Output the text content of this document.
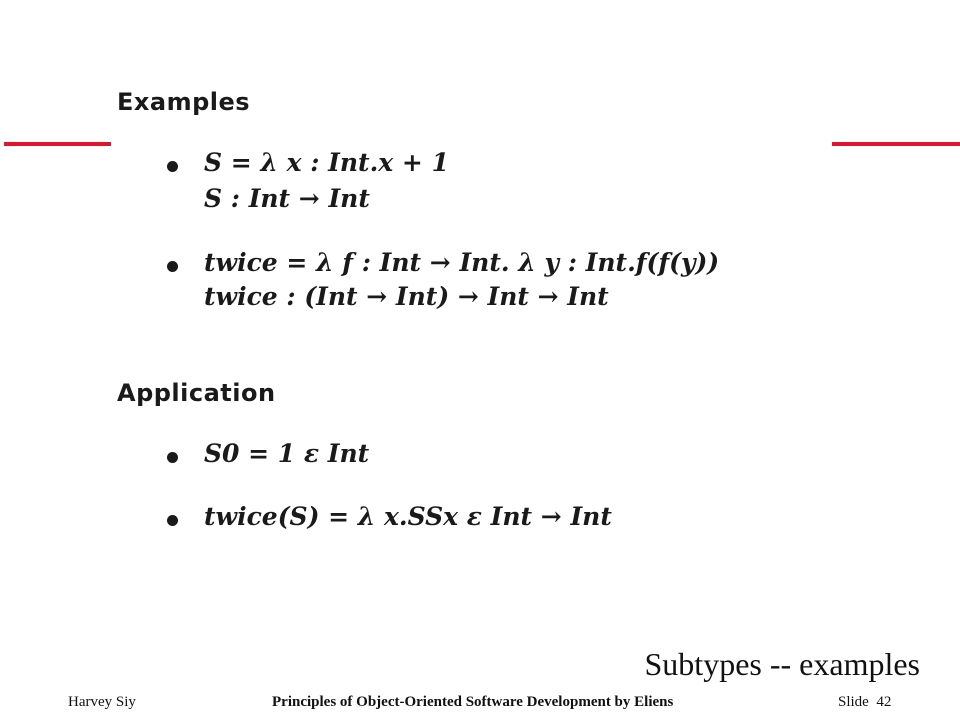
Examples
S = λ x : Int.x + 1
S : Int → Int
twice = λ f : Int → Int. λ y : Int.f(f(y))
twice : (Int → Int) → Int → Int
Application
S0 = 1 ε Int
twice(S) = λ x.SSx ε Int → Int
Subtypes -- examples
Harvey Siy	Principles of Object-Oriented Software Development by Eliens	Slide 42
